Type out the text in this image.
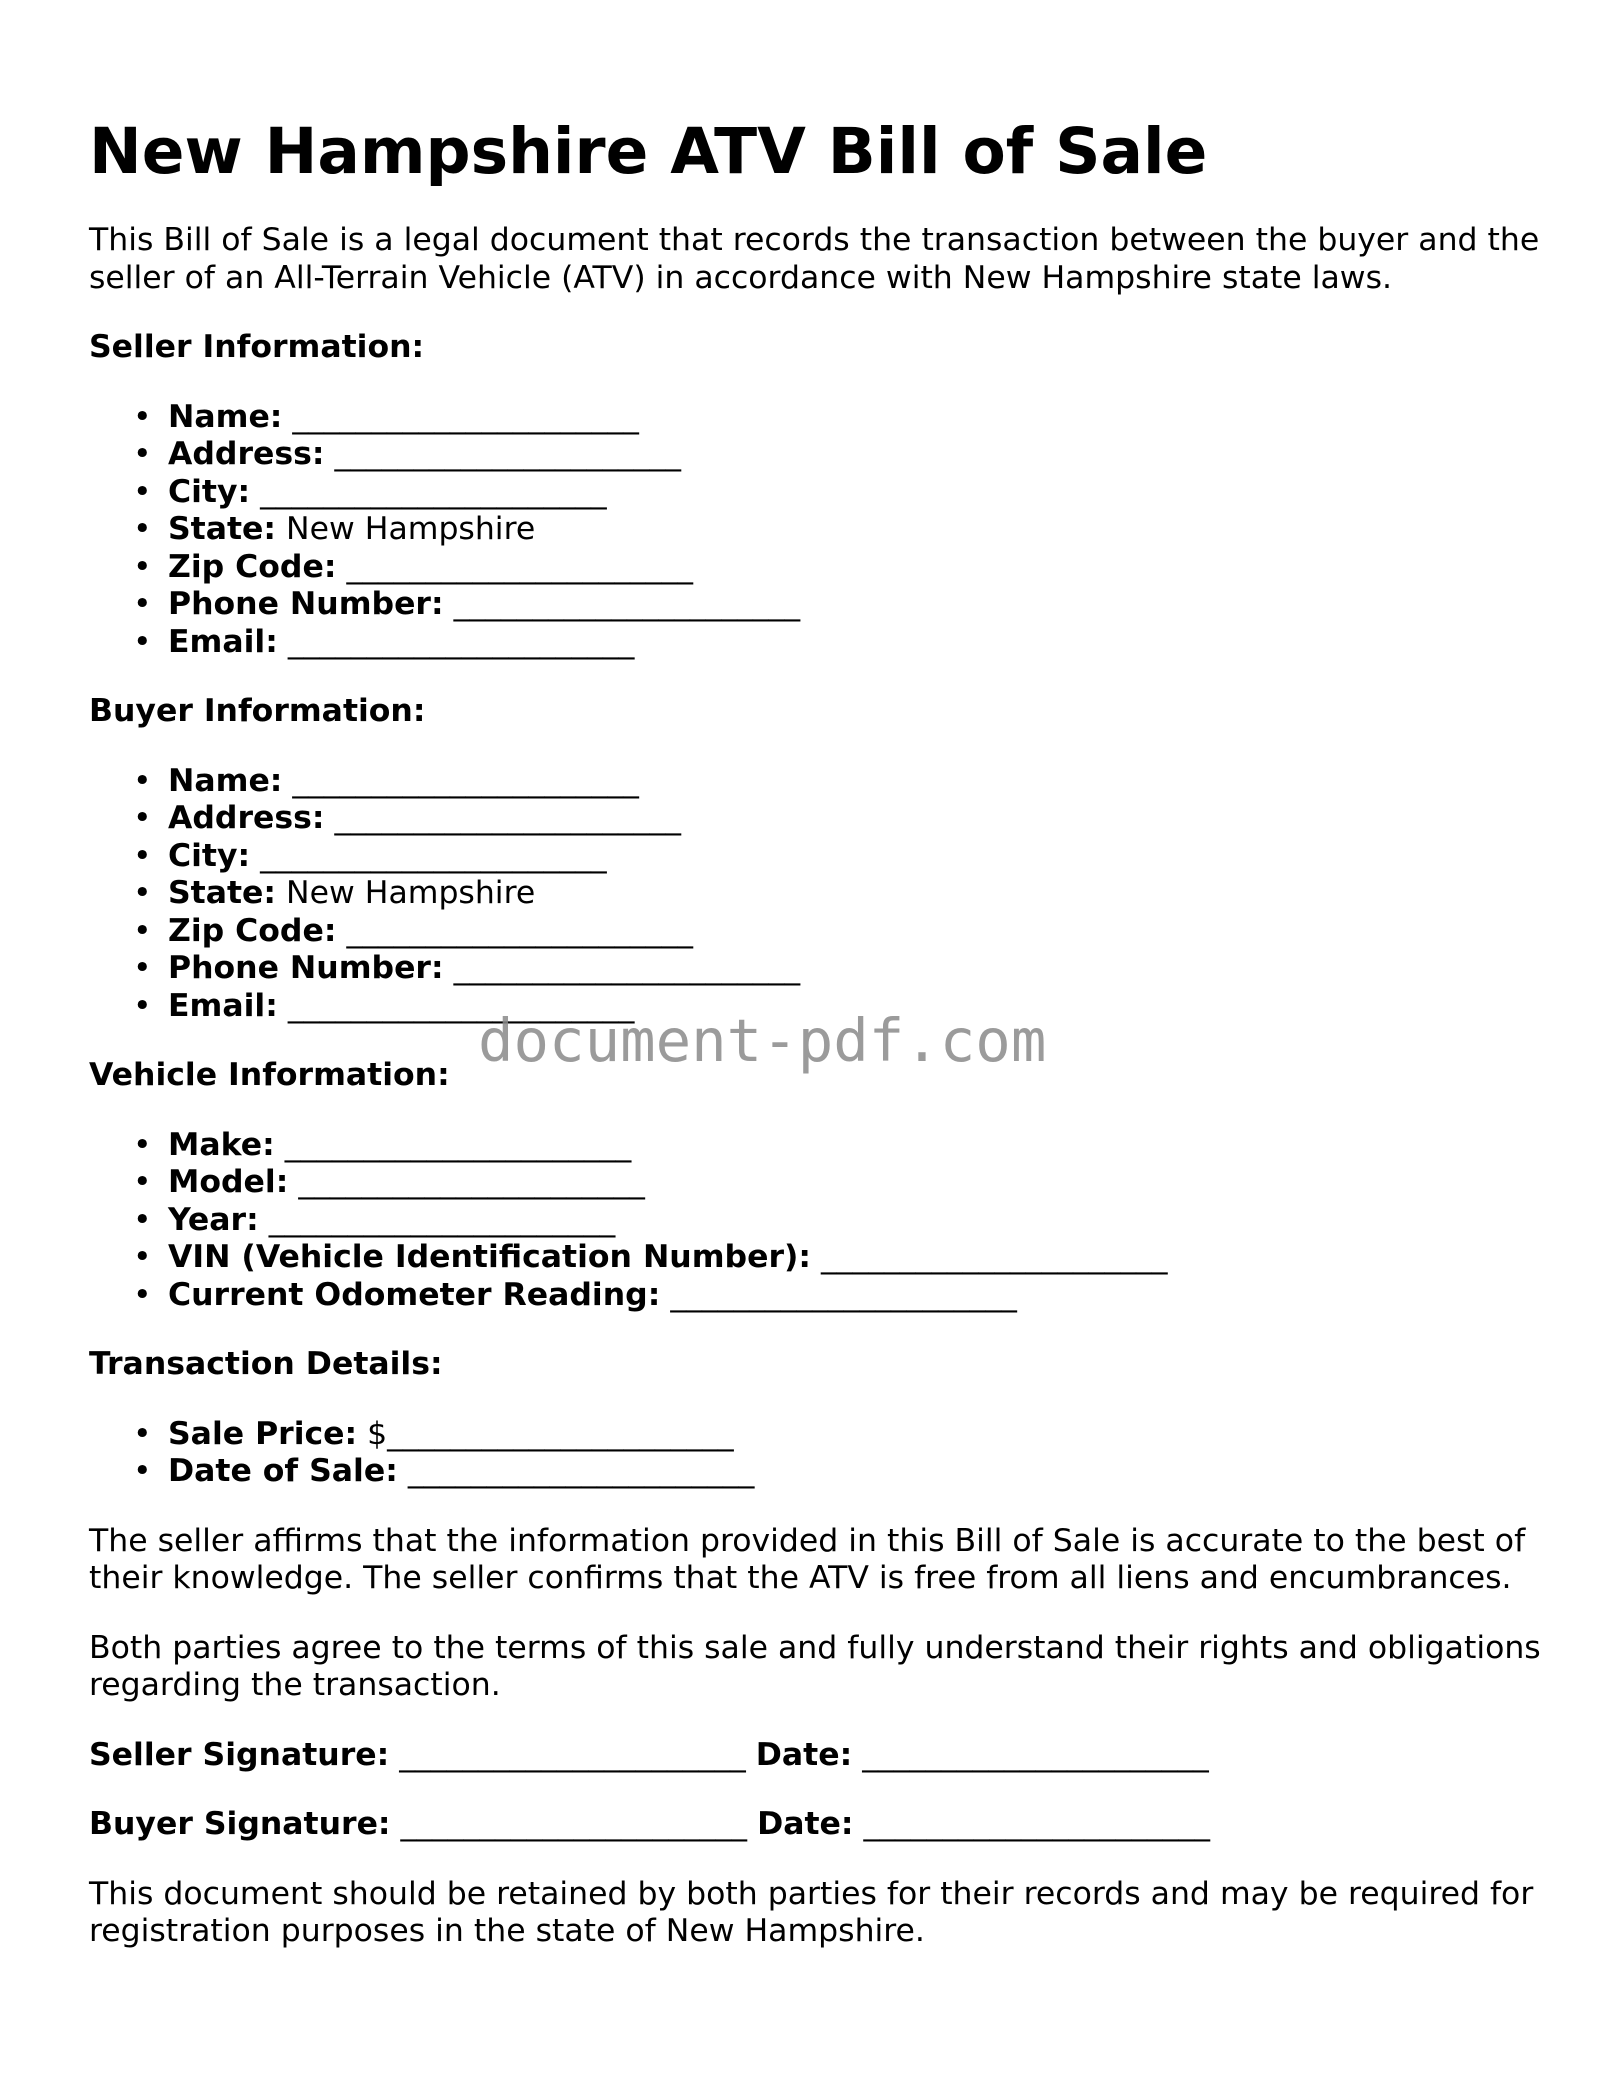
New Hampshire ATV Bill of Sale

This Bill of Sale is a legal document that records the transaction between the buyer and the seller of an All-Terrain Vehicle (ATV) in accordance with New Hampshire state laws.

Seller Information:
• Name: ______________________
• Address: ______________________
• City: ______________________
• State: New Hampshire
• Zip Code: ______________________
• Phone Number: ______________________
• Email: ______________________
Buyer Information:
• Name: ______________________
• Address: ______________________
• City: ______________________
• State: New Hampshire
• Zip Code: ______________________
• Phone Number: ______________________
• Email: ______________________
Vehicle Information:
• Make: ______________________
• Model: ______________________
• Year: ______________________
• VIN (Vehicle Identification Number): ______________________
• Current Odometer Reading: ______________________
Transaction Details:
• Sale Price: $______________________
• Date of Sale: ______________________

The seller affirms that the information provided in this Bill of Sale is accurate to the best of their knowledge. The seller confirms that the ATV is free from all liens and encumbrances.

Both parties agree to the terms of this sale and fully understand their rights and obligations regarding the transaction.

Seller Signature: ______________________ Date: ______________________
Buyer Signature: ______________________ Date: ______________________

This document should be retained by both parties for their records and may be required for registration purposes in the state of New Hampshire.

document-pdf.com
